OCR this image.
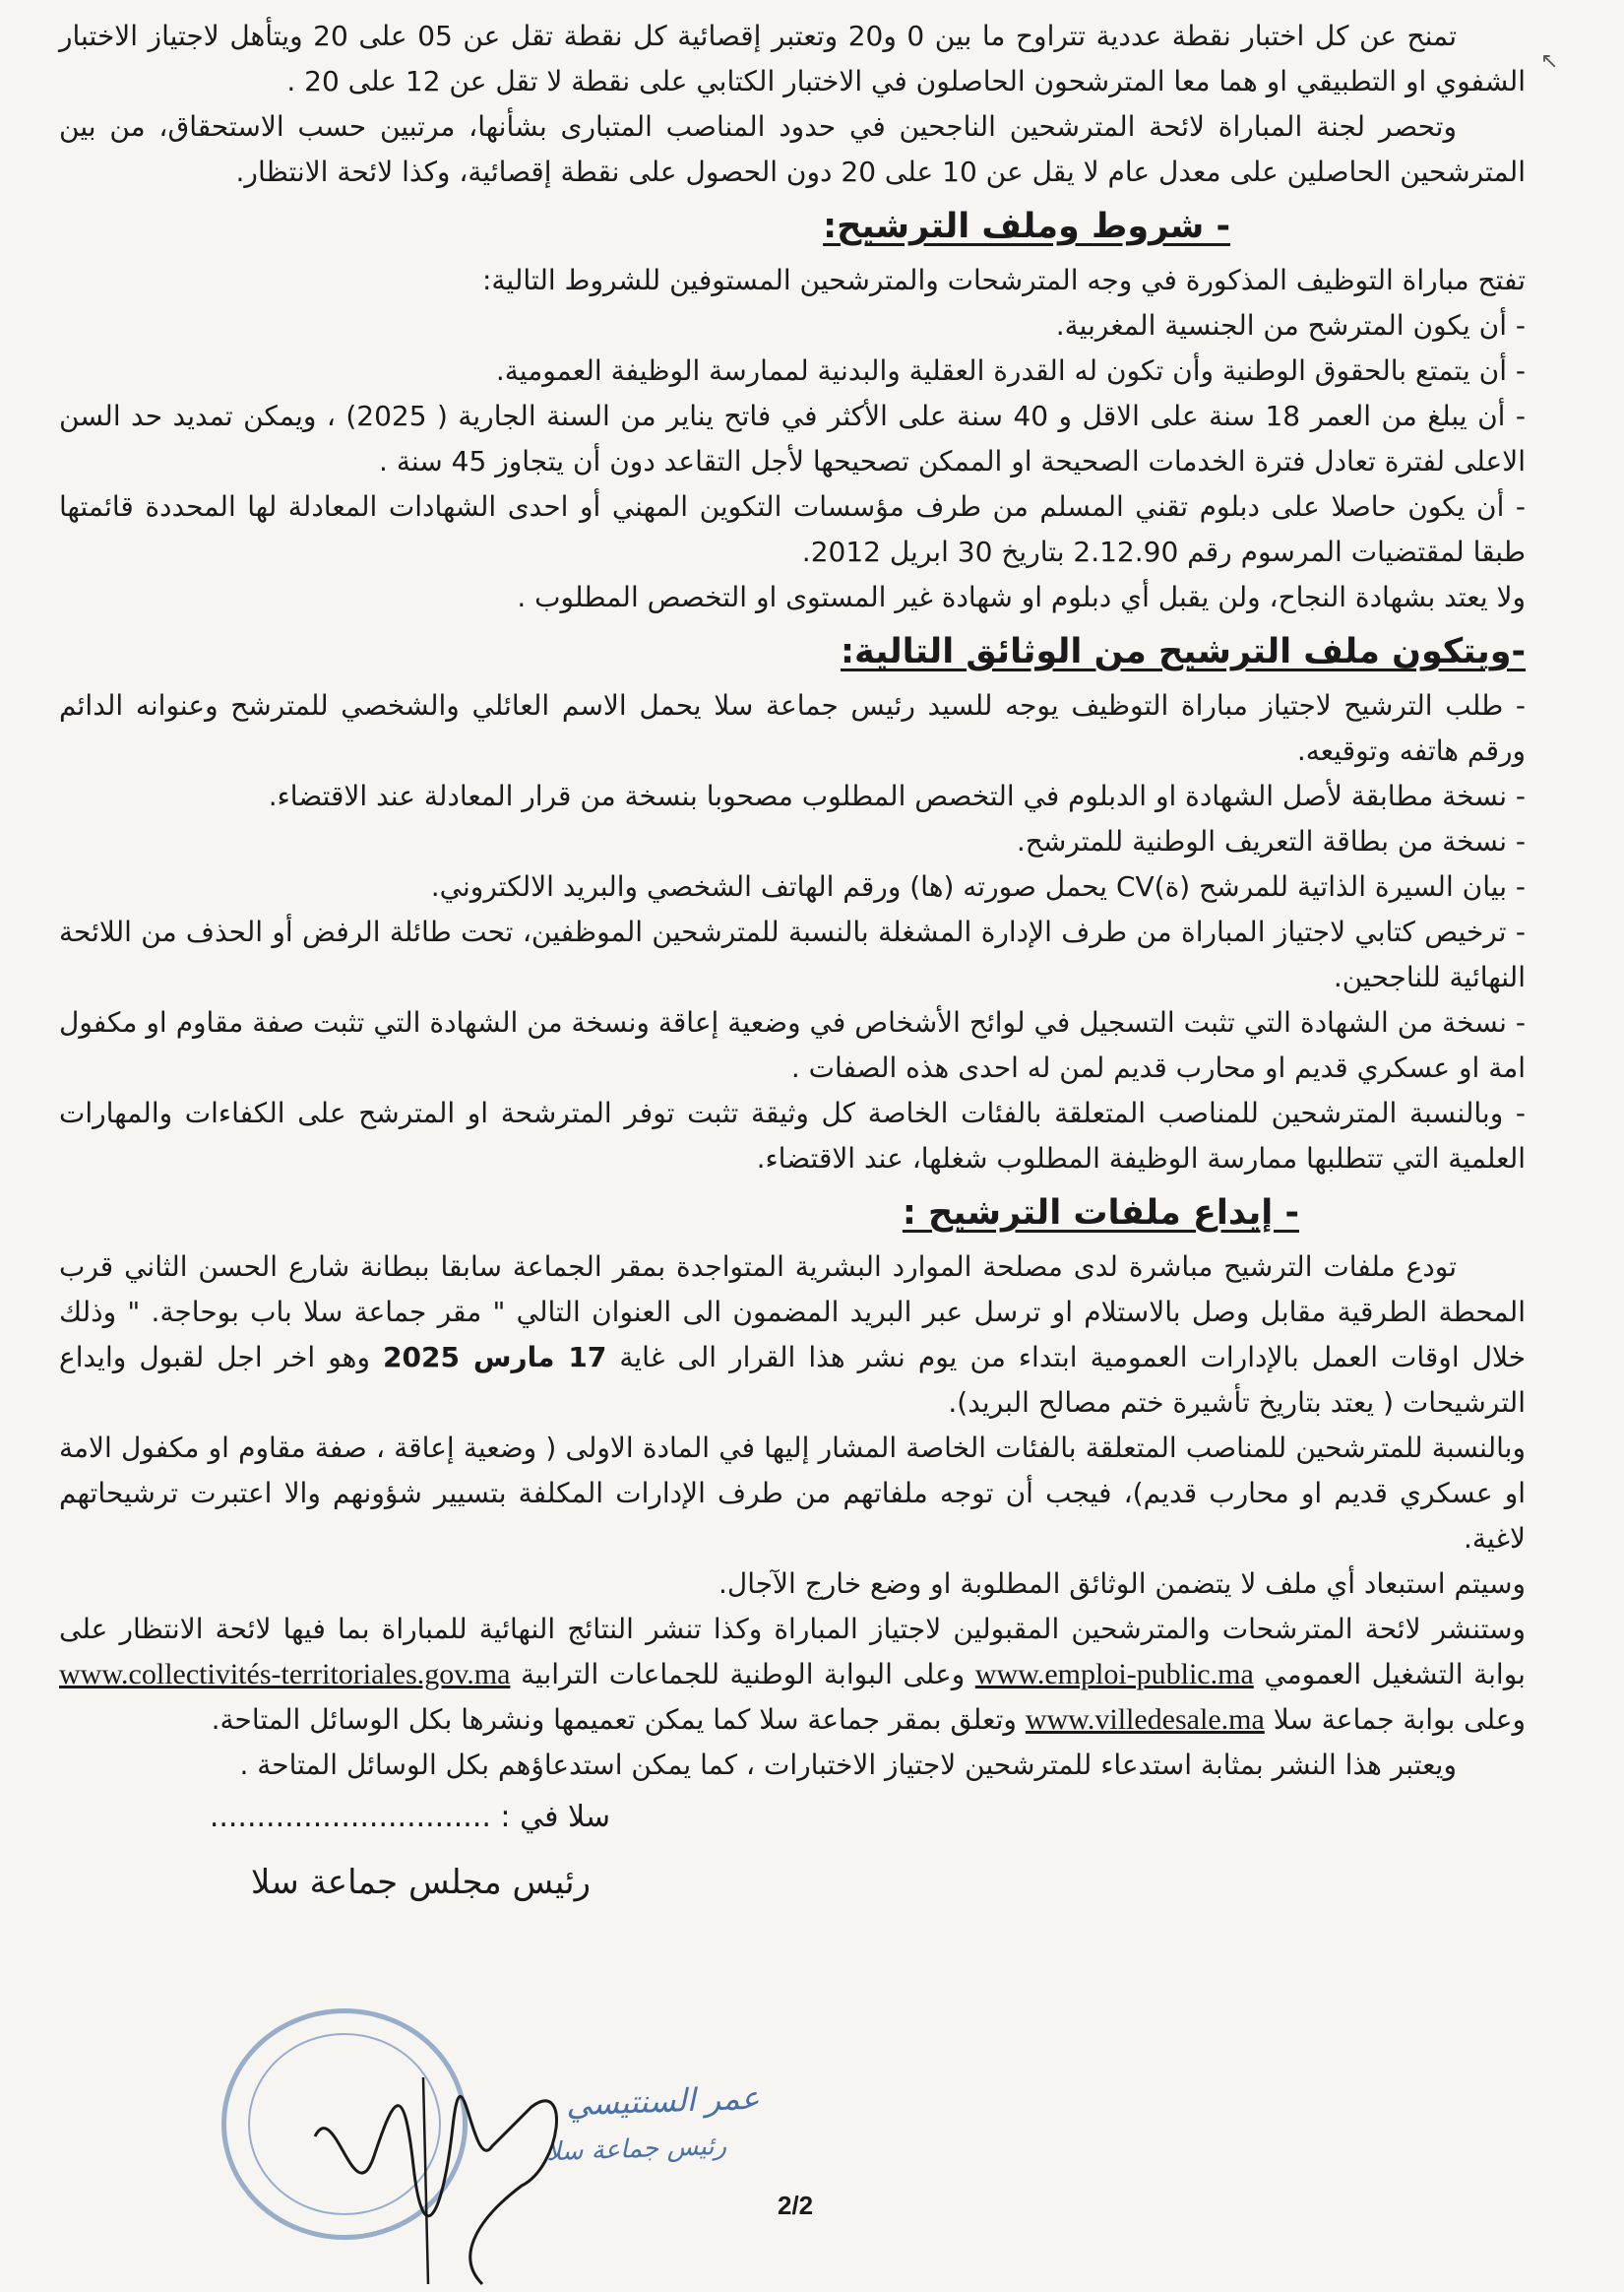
تمنح عن كل اختبار نقطة عددية تتراوح ما بين 0 و20 وتعتبر إقصائية كل نقطة تقل عن 05 على 20 ويتأهل لاجتياز الاختبار الشفوي او التطبيقي او هما معا المترشحون الحاصلون في الاختبار الكتابي على نقطة لا تقل عن 12 على 20 .

وتحصر لجنة المباراة لائحة المترشحين الناجحين في حدود المناصب المتبارى بشأنها، مرتبين حسب الاستحقاق، من بين المترشحين الحاصلين على معدل عام لا يقل عن 10 على 20 دون الحصول على نقطة إقصائية، وكذا لائحة الانتظار.

- شروط وملف الترشيح:

تفتح مباراة التوظيف المذكورة في وجه المترشحات والمترشحين المستوفين للشروط التالية:

- أن يكون المترشح من الجنسية المغربية.
- أن يتمتع بالحقوق الوطنية وأن تكون له القدرة العقلية والبدنية لممارسة الوظيفة العمومية.
- أن يبلغ من العمر 18 سنة على الاقل و 40 سنة على الأكثر في فاتح يناير من السنة الجارية ( 2025) ، ويمكن تمديد حد السن الاعلى لفترة تعادل فترة الخدمات الصحيحة او الممكن تصحيحها لأجل التقاعد دون أن يتجاوز 45 سنة .
- أن يكون حاصلا على دبلوم تقني المسلم من طرف مؤسسات التكوين المهني أو احدى الشهادات المعادلة لها المحددة قائمتها طبقا لمقتضيات المرسوم رقم 2.12.90 بتاريخ 30 ابريل 2012.

ولا يعتد بشهادة النجاح، ولن يقبل أي دبلوم او شهادة غير المستوى او التخصص المطلوب .

-ويتكون ملف الترشيح من الوثائق التالية:
- طلب الترشيح لاجتياز مباراة التوظيف يوجه للسيد رئيس جماعة سلا يحمل الاسم العائلي والشخصي للمترشح وعنوانه الدائم ورقم هاتفه وتوقيعه.
- نسخة مطابقة لأصل الشهادة او الدبلوم في التخصص المطلوب مصحوبا بنسخة من قرار المعادلة عند الاقتضاء.
- نسخة من بطاقة التعريف الوطنية للمترشح.
- بيان السيرة الذاتية للمرشح (ة)CV يحمل صورته (ها) ورقم الهاتف الشخصي والبريد الالكتروني.
- ترخيص كتابي لاجتياز المباراة من طرف الإدارة المشغلة بالنسبة للمترشحين الموظفين، تحت طائلة الرفض أو الحذف من اللائحة النهائية للناجحين.
- نسخة من الشهادة التي تثبت التسجيل في لوائح الأشخاص في وضعية إعاقة ونسخة من الشهادة التي تثبت صفة مقاوم او مكفول امة او عسكري قديم او محارب قديم لمن له احدى هذه الصفات .
- وبالنسبة المترشحين للمناصب المتعلقة بالفئات الخاصة كل وثيقة تثبت توفر المترشحة او المترشح على الكفاءات والمهارات العلمية التي تتطلبها ممارسة الوظيفة المطلوب شغلها، عند الاقتضاء.
- إيداع ملفات الترشيح :

تودع ملفات الترشيح مباشرة لدى مصلحة الموارد البشرية المتواجدة بمقر الجماعة سابقا ببطانة شارع الحسن الثاني قرب المحطة الطرقية مقابل وصل بالاستلام او ترسل عبر البريد المضمون الى العنوان التالي " مقر جماعة سلا باب بوحاجة. " وذلك خلال اوقات العمل بالإدارات العمومية ابتداء من يوم نشر هذا القرار الى غاية 17 مارس 2025 وهو اخر اجل لقبول وايداع الترشيحات ( يعتد بتاريخ تأشيرة ختم مصالح البريد).

وبالنسبة للمترشحين للمناصب المتعلقة بالفئات الخاصة المشار إليها في المادة الاولى ( وضعية إعاقة ، صفة مقاوم او مكفول الامة او عسكري قديم او محارب قديم)، فيجب أن توجه ملفاتهم من طرف الإدارات المكلفة بتسيير شؤونهم والا اعتبرت ترشيحاتهم لاغية.

وسيتم استبعاد أي ملف لا يتضمن الوثائق المطلوبة او وضع خارج الآجال.

وستنشر لائحة المترشحات والمترشحين المقبولين لاجتياز المباراة وكذا تنشر النتائج النهائية للمباراة بما فيها لائحة الانتظار على بوابة التشغيل العمومي www.emploi-public.ma وعلى البوابة الوطنية للجماعات الترابية www.collectivités-territoriales.gov.ma وعلى بوابة جماعة سلا www.villedesale.ma وتعلق بمقر جماعة سلا كما يمكن تعميمها ونشرها بكل الوسائل المتاحة.

ويعتبر هذا النشر بمثابة استدعاء للمترشحين لاجتياز الاختبارات ، كما يمكن استدعاؤهم بكل الوسائل المتاحة .

سلا في : ..............................
رئيس مجلس جماعة سلا
↖
عمر السنتيسي
رئيس جماعة سلا
2/2
